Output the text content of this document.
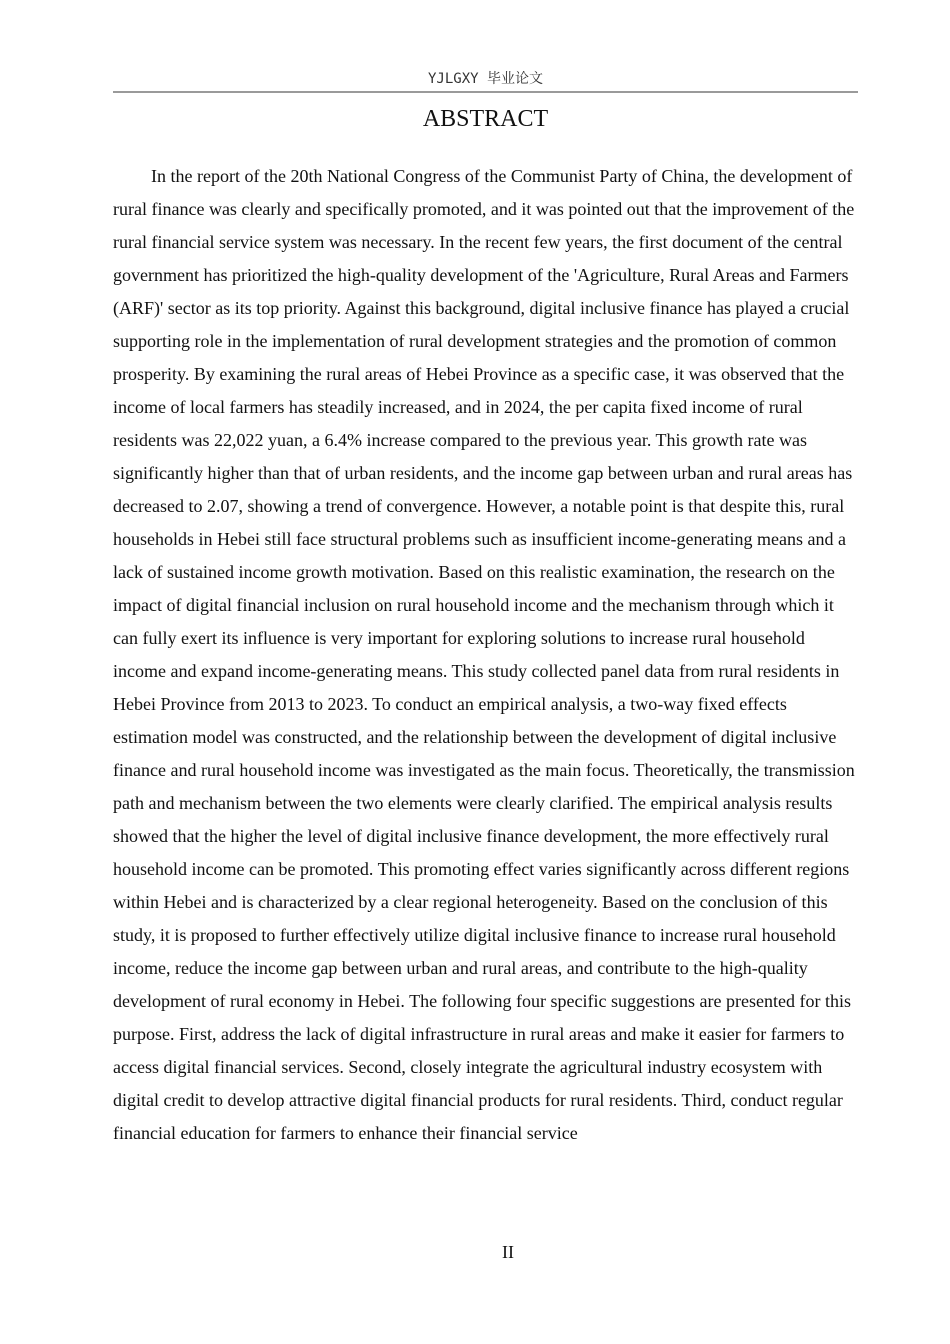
YJLGXY 毕业论文
ABSTRACT

In the report of the 20th National Congress of the Communist Party of China, the development of rural finance was clearly and specifically promoted, and it was pointed out that the improvement of the rural financial service system was necessary. In the recent few years, the first document of the central government has prioritized the high-quality development of the 'Agriculture, Rural Areas and Farmers (ARF)' sector as its top priority. Against this background, digital inclusive finance has played a crucial supporting role in the implementation of rural development strategies and the promotion of common prosperity. By examining the rural areas of Hebei Province as a specific case, it was observed that the income of local farmers has steadily increased, and in 2024, the per capita fixed income of rural residents was 22,022 yuan, a 6.4% increase compared to the previous year. This growth rate was significantly higher than that of urban residents, and the income gap between urban and rural areas has decreased to 2.07, showing a trend of convergence. However, a notable point is that despite this, rural households in Hebei still face structural problems such as insufficient income-generating means and a lack of sustained income growth motivation. Based on this realistic examination, the research on the impact of digital financial inclusion on rural household income and the mechanism through which it can fully exert its influence is very important for exploring solutions to increase rural household income and expand income-generating means. This study collected panel data from rural residents in Hebei Province from 2013 to 2023. To conduct an empirical analysis, a two-way fixed effects estimation model was constructed, and the relationship between the development of digital inclusive finance and rural household income was investigated as the main focus. Theoretically, the transmission path and mechanism between the two elements were clearly clarified. The empirical analysis results showed that the higher the level of digital inclusive finance development, the more effectively rural household income can be promoted. This promoting effect varies significantly across different regions within Hebei and is characterized by a clear regional heterogeneity. Based on the conclusion of this study, it is proposed to further effectively utilize digital inclusive finance to increase rural household income, reduce the income gap between urban and rural areas, and contribute to the high-quality development of rural economy in Hebei. The following four specific suggestions are presented for this purpose. First, address the lack of digital infrastructure in rural areas and make it easier for farmers to access digital financial services. Second, closely integrate the agricultural industry ecosystem with digital credit to develop attractive digital financial products for rural residents. Third, conduct regular financial education for farmers to enhance their financial service

II
